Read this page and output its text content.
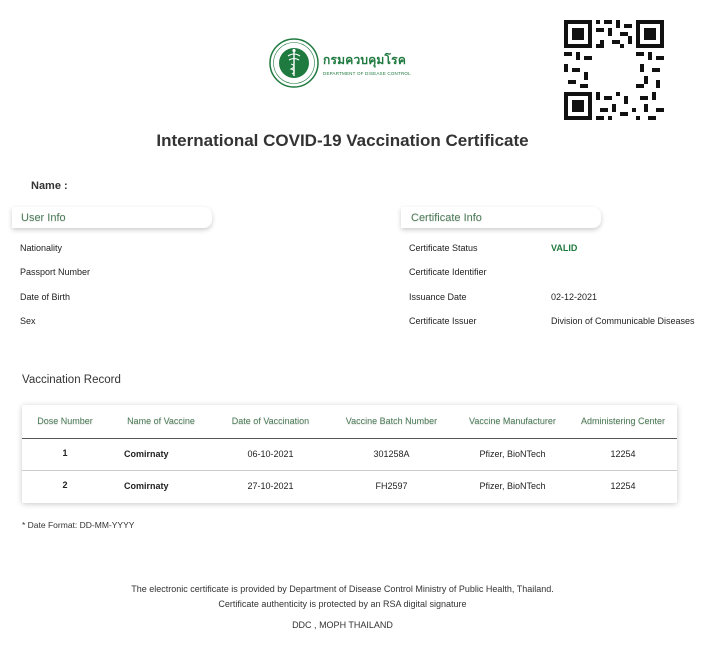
กรมควบคุมโรค
DEPARTMENT OF DISEASE CONTROL
International COVID-19 Vaccination Certificate
Name :
User Info
Nationality
Passport Number
Date of Birth
Sex
Certificate Info
Certificate Status	VALID
Certificate Identifier
Issuance Date	02-12-2021
Certificate Issuer	Division of Communicable Diseases
Vaccination Record
Dose Number	Name of Vaccine	Date of Vaccination	Vaccine Batch Number	Vaccine Manufacturer	Administering Center
1	Comirnaty	06-10-2021	301258A	Pfizer, BioNTech	12254
2	Comirnaty	27-10-2021	FH2597	Pfizer, BioNTech	12254
* Date Format: DD-MM-YYYY
The electronic certificate is provided by Department of Disease Control Ministry of Public Health, Thailand.
Certificate authenticity is protected by an RSA digital signature
DDC , MOPH THAILAND
